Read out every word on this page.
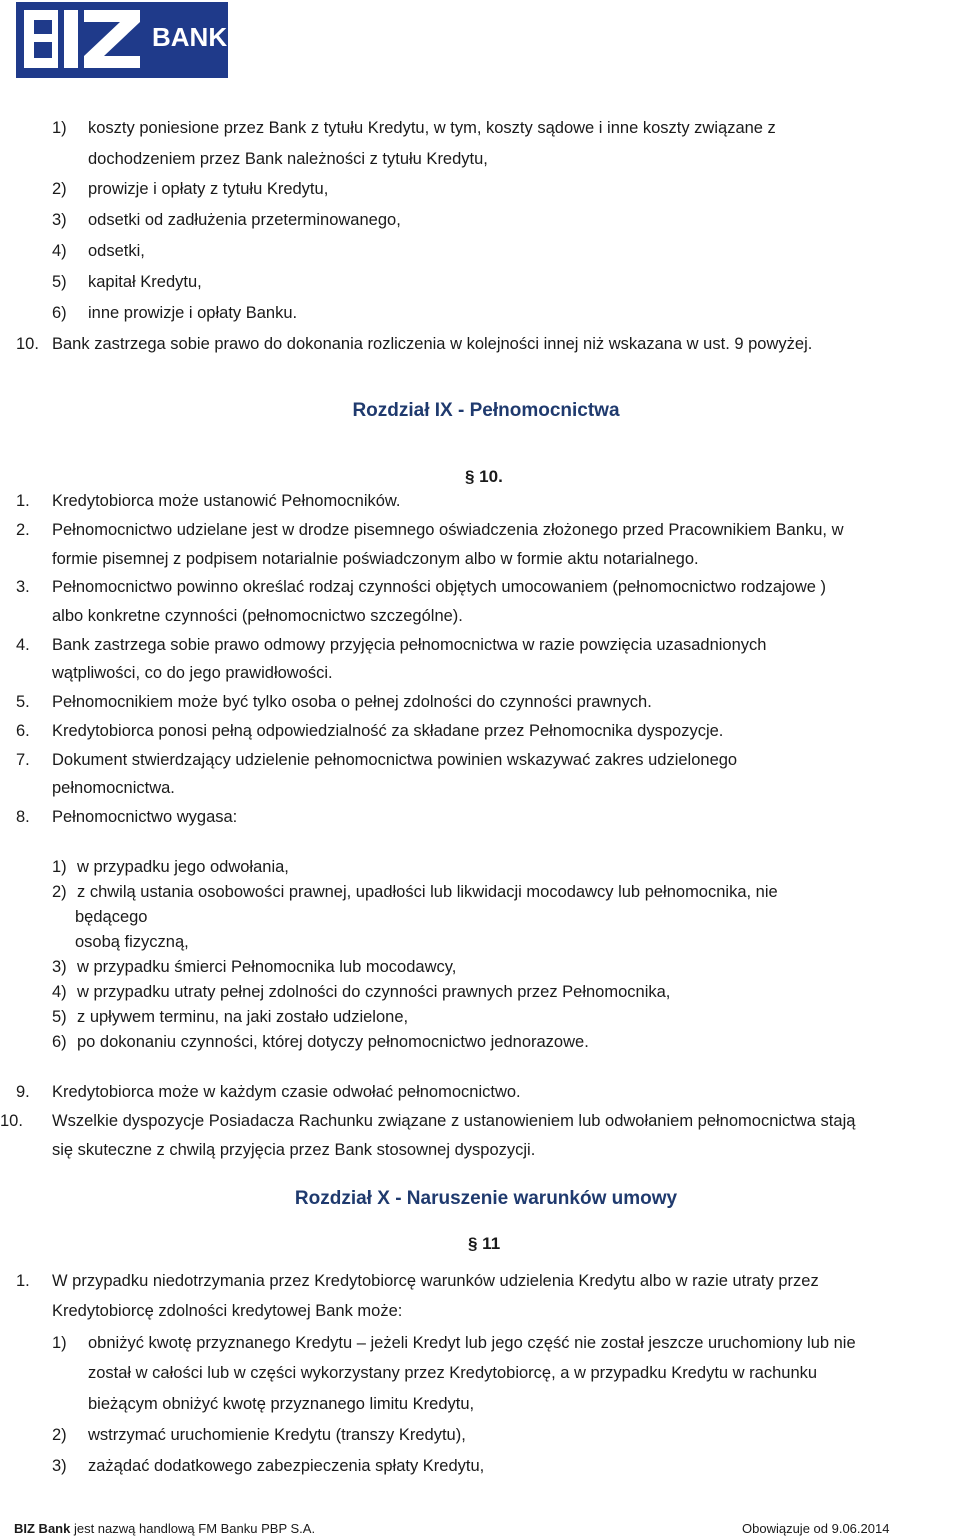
BANK
1) koszty poniesione przez Bank z tytułu Kredytu, w tym, koszty sądowe i inne koszty związane z
dochodzeniem przez Bank należności z tytułu Kredytu,
2) prowizje i opłaty z tytułu Kredytu,
3) odsetki od zadłużenia przeterminowanego,
4) odsetki,
5) kapitał Kredytu,
6) inne prowizje i opłaty Banku.
10. Bank zastrzega sobie prawo do dokonania rozliczenia w kolejności innej niż wskazana w ust. 9 powyżej.
Rozdział IX - Pełnomocnictwa
§ 10.
1. Kredytobiorca może ustanowić Pełnomocników.
2. Pełnomocnictwo udzielane jest w drodze pisemnego oświadczenia złożonego przed Pracownikiem Banku, w
formie pisemnej z podpisem notarialnie poświadczonym albo w formie aktu notarialnego.
3. Pełnomocnictwo powinno określać rodzaj czynności objętych umocowaniem (pełnomocnictwo rodzajowe )
albo konkretne czynności (pełnomocnictwo szczególne).
4. Bank zastrzega sobie prawo odmowy przyjęcia pełnomocnictwa w razie powzięcia uzasadnionych
wątpliwości, co do jego prawidłowości.
5. Pełnomocnikiem może być tylko osoba o pełnej zdolności do czynności prawnych.
6. Kredytobiorca ponosi pełną odpowiedzialność za składane przez Pełnomocnika dyspozycje.
7. Dokument stwierdzający udzielenie pełnomocnictwa powinien wskazywać zakres udzielonego
pełnomocnictwa.
8. Pełnomocnictwo wygasa:
1) w przypadku jego odwołania,
2) z chwilą ustania osobowości prawnej, upadłości lub likwidacji mocodawcy lub pełnomocnika, nie
będącego
osobą fizyczną,
3) w przypadku śmierci Pełnomocnika lub mocodawcy,
4) w przypadku utraty pełnej zdolności do czynności prawnych przez Pełnomocnika,
5) z upływem terminu, na jaki zostało udzielone,
6) po dokonaniu czynności, której dotyczy pełnomocnictwo jednorazowe.
9. Kredytobiorca może w każdym czasie odwołać pełnomocnictwo.
10. Wszelkie dyspozycje Posiadacza Rachunku związane z ustanowieniem lub odwołaniem pełnomocnictwa stają
się skuteczne z chwilą przyjęcia przez Bank stosownej dyspozycji.
Rozdział X - Naruszenie warunków umowy
§ 11
1. W przypadku niedotrzymania przez Kredytobiorcę warunków udzielenia Kredytu albo w razie utraty przez
Kredytobiorcę zdolności kredytowej Bank może:
1) obniżyć kwotę przyznanego Kredytu – jeżeli Kredyt lub jego część nie został jeszcze uruchomiony lub nie
został w całości lub w części wykorzystany przez Kredytobiorcę, a w przypadku Kredytu w rachunku
bieżącym obniżyć kwotę przyznanego limitu Kredytu,
2) wstrzymać uruchomienie Kredytu (transzy Kredytu),
3) zażądać dodatkowego zabezpieczenia spłaty Kredytu,
BIZ Bank jest nazwą handlową FM Banku PBP S.A.	Obowiązuje od 9.06.2014
